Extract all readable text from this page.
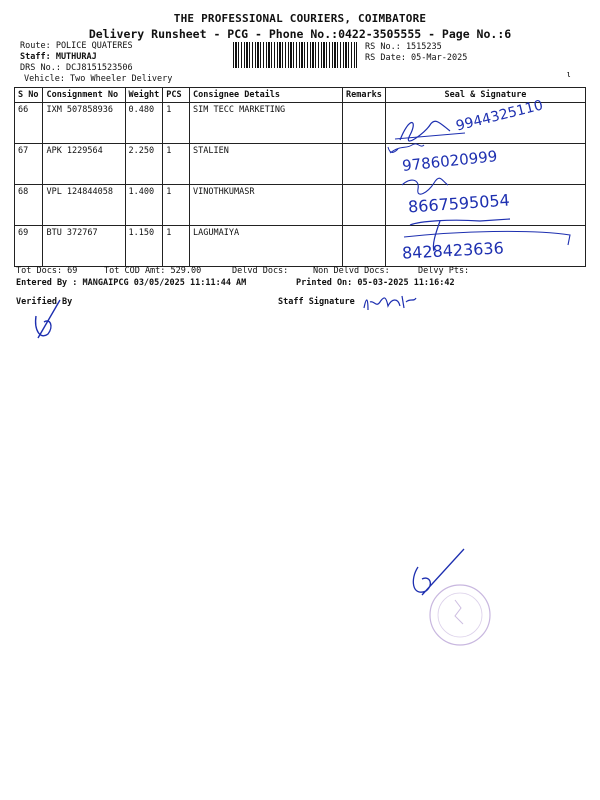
THE PROFESSIONAL COURIERS, COIMBATORE
Delivery Runsheet - PCG - Phone No.:0422-3505555 - Page No.:6
Route: POLICE QUATERES
Staff: MUTHURAJ
DRS No.: DCJ8151523506
Vehicle: Two Wheeler Delivery
RS No.: 1515235
RS Date: 05-Mar-2025
ι
S No	Consignment No	Weight	PCS	Consignee Details	Remarks	Seal & Signature
66	IXM 507858936	0.480	1	SIM TECC MARKETING		
67	APK 1229564	2.250	1	STALIEN		
68	VPL 124844058	1.400	1	VINOTHKUMASR		
69	BTU 372767	1.150	1	LAGUMAIYA		
9944325110
9786020999
8667595054
8428423636
Tot Docs: 69	Tot COD Amt: 529.00	Delvd Docs:	Non Delvd Docs:	Delvy Pts:
Entered By : MANGAIPCG 03/05/2025 11:11:44 AM	Printed On: 05-03-2025 11:16:42
Verified By	Staff Signature
